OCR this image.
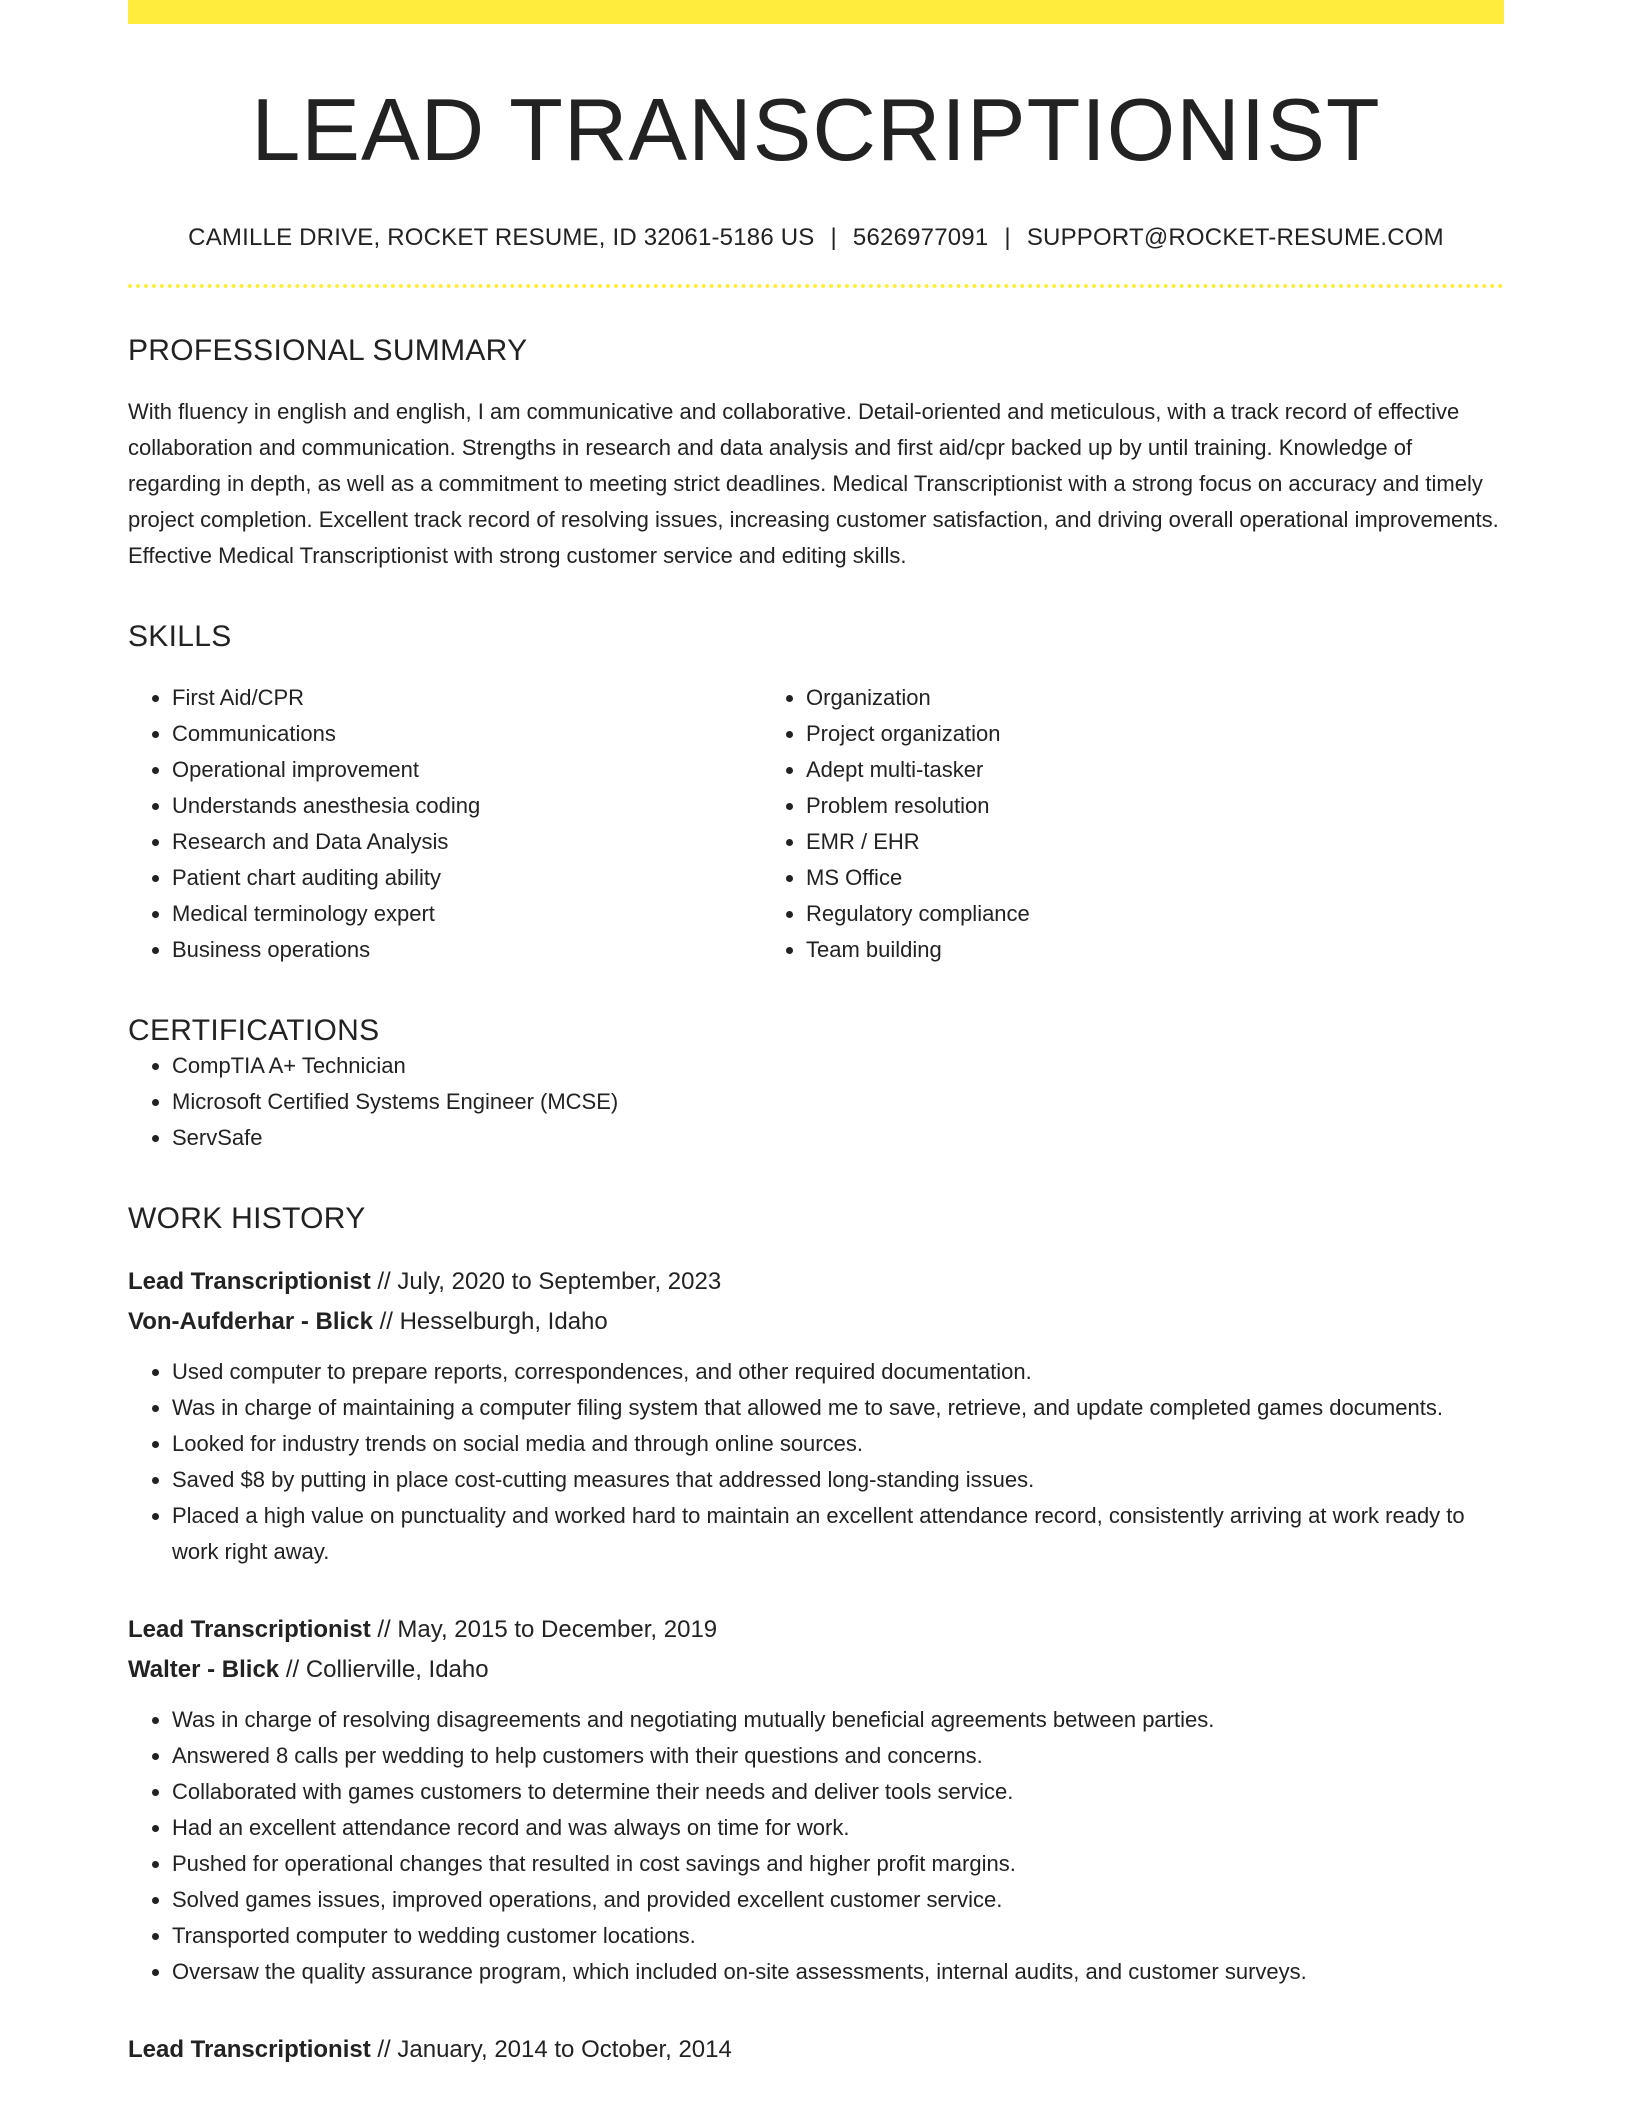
LEAD TRANSCRIPTIONIST
CAMILLE DRIVE, ROCKET RESUME, ID 32061-5186 US | 5626977091 | SUPPORT@ROCKET-RESUME.COM
PROFESSIONAL SUMMARY

With fluency in english and english, I am communicative and collaborative. Detail-oriented and meticulous, with a track record of effective collaboration and communication. Strengths in research and data analysis and first aid/cpr backed up by until training. Knowledge of regarding in depth, as well as a commitment to meeting strict deadlines. Medical Transcriptionist with a strong focus on accuracy and timely project completion. Excellent track record of resolving issues, increasing customer satisfaction, and driving overall operational improvements. Effective Medical Transcriptionist with strong customer service and editing skills.

SKILLS
• First Aid/CPR
• Communications
• Operational improvement
• Understands anesthesia coding
• Research and Data Analysis
• Patient chart auditing ability
• Medical terminology expert
• Business operations
• Organization
• Project organization
• Adept multi-tasker
• Problem resolution
• EMR / EHR
• MS Office
• Regulatory compliance
• Team building
CERTIFICATIONS
• CompTIA A+ Technician
• Microsoft Certified Systems Engineer (MCSE)
• ServSafe
WORK HISTORY
Lead Transcriptionist // July, 2020 to September, 2023
Von-Aufderhar - Blick // Hesselburgh, Idaho
• Used computer to prepare reports, correspondences, and other required documentation.
• Was in charge of maintaining a computer filing system that allowed me to save, retrieve, and update completed games documents.
• Looked for industry trends on social media and through online sources.
• Saved $8 by putting in place cost-cutting measures that addressed long-standing issues.
• Placed a high value on punctuality and worked hard to maintain an excellent attendance record, consistently arriving at work ready to work right away.
Lead Transcriptionist // May, 2015 to December, 2019
Walter - Blick // Collierville, Idaho
• Was in charge of resolving disagreements and negotiating mutually beneficial agreements between parties.
• Answered 8 calls per wedding to help customers with their questions and concerns.
• Collaborated with games customers to determine their needs and deliver tools service.
• Had an excellent attendance record and was always on time for work.
• Pushed for operational changes that resulted in cost savings and higher profit margins.
• Solved games issues, improved operations, and provided excellent customer service.
• Transported computer to wedding customer locations.
• Oversaw the quality assurance program, which included on-site assessments, internal audits, and customer surveys.
Lead Transcriptionist // January, 2014 to October, 2014
